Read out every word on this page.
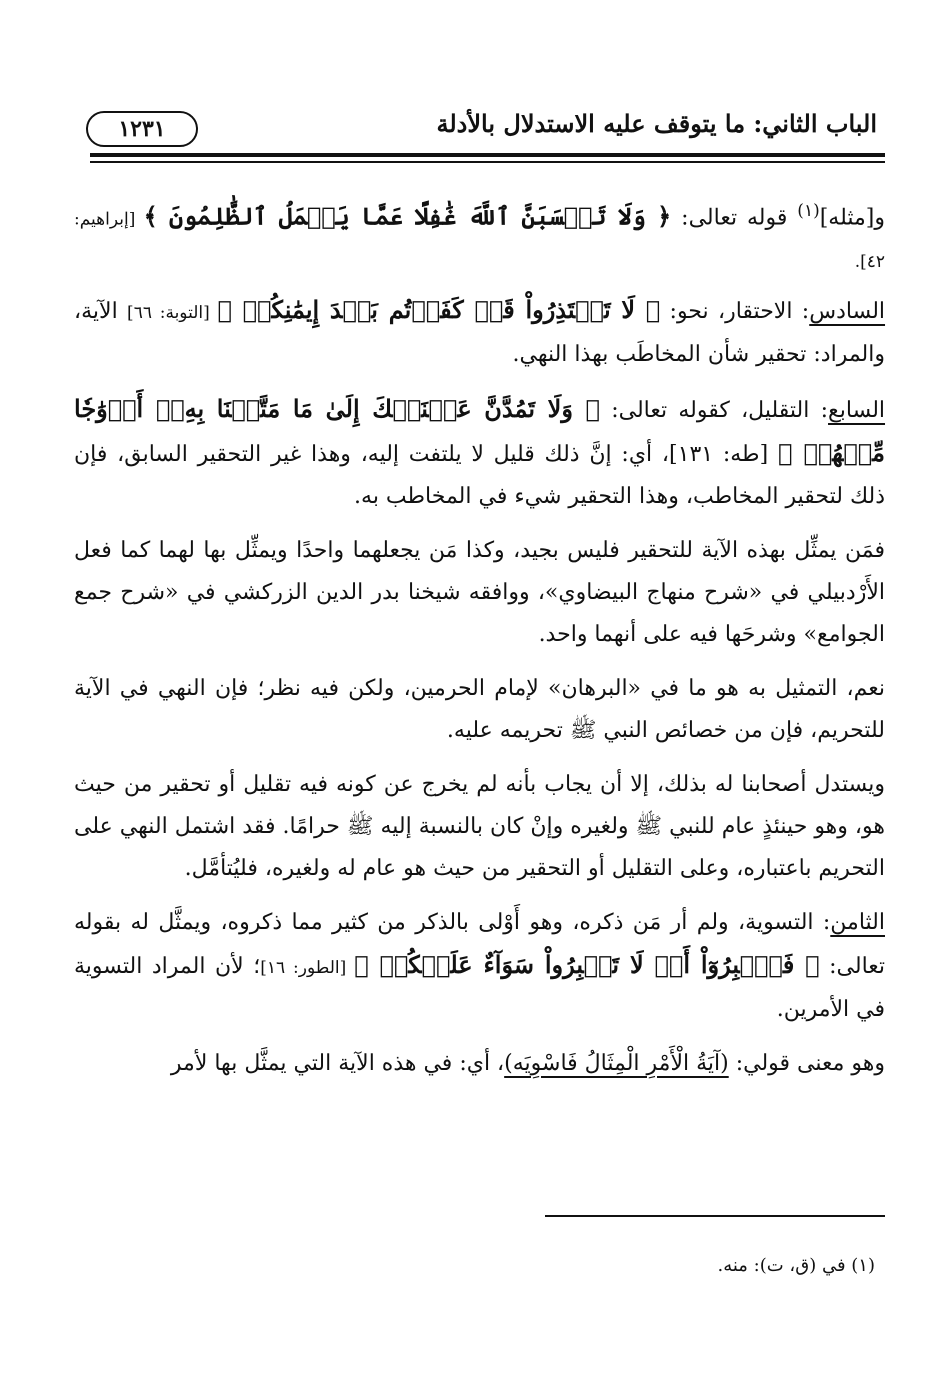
الباب الثاني: ما يتوقف عليه الاستدلال بالأدلة
١٢٣١

و[مثله]$^{(١)}$ قوله تعالى: ﴿ وَلَا تَحۡسَبَنَّ ٱللَّهَ غَٰفِلًا عَمَّا يَعۡمَلُ ٱلظَّٰلِمُونَ ﴾ [إبراهيم: ٤٢].

السادس: الاحتقار، نحو: ﴿ لَا تَعۡتَذِرُواْ قَدۡ كَفَرۡتُم بَعۡدَ إِيمَٰنِكُمۡ ﴾ [التوبة: ٦٦] الآية، والمراد: تحقير شأن المخاطَب بهذا النهي.

السابع: التقليل، كقوله تعالى: ﴿ وَلَا تَمُدَّنَّ عَيۡنَيۡكَ إِلَىٰ مَا مَتَّعۡنَا بِهِۦٓ أَزۡوَٰجٗا مِّنۡهُمۡ ﴾ [طه: ١٣١]، أي: إنَّ ذلك قليل لا يلتفت إليه، وهذا غير التحقير السابق، فإن ذلك لتحقير المخاطب، وهذا التحقير شيء في المخاطب به.

فمَن يمثِّل بهذه الآية للتحقير فليس بجيد، وكذا مَن يجعلهما واحدًا ويمثِّل بها لهما كما فعل الأَرْدبيلي في «شرح منهاج البيضاوي»، ووافقه شيخنا بدر الدين الزركشي في «شرح جمع الجوامع» وشرحَها فيه على أنهما واحد.

نعم، التمثيل به هو ما في «البرهان» لإمام الحرمين، ولكن فيه نظر؛ فإن النهي في الآية للتحريم، فإن من خصائص النبي ﷺ تحريمه عليه.

ويستدل أصحابنا له بذلك، إلا أن يجاب بأنه لم يخرج عن كونه فيه تقليل أو تحقير من حيث هو، وهو حينئذٍ عام للنبي ﷺ ولغيره وإنْ كان بالنسبة إليه ﷺ حرامًا. فقد اشتمل النهي على التحريم باعتباره، وعلى التقليل أو التحقير من حيث هو عام له ولغيره، فليُتأمَّل.

الثامن: التسوية، ولم أر مَن ذكره، وهو أَوْلى بالذكر من كثير مما ذكروه، ويمثَّل له بقوله تعالى: ﴿ فَٱصۡبِرُوٓاْ أَوۡ لَا تَصۡبِرُواْ سَوَآءٌ عَلَيۡكُمۡ ﴾ [الطور: ١٦]؛ لأن المراد التسوية في الأمرين.

وهو معنى قولي: (آيَةُ الْأَمْرِ الْمِثَالُ فَاسْوِيَه)، أي: في هذه الآية التي يمثَّل بها لأمر

(١) في (ق، ت): منه.
